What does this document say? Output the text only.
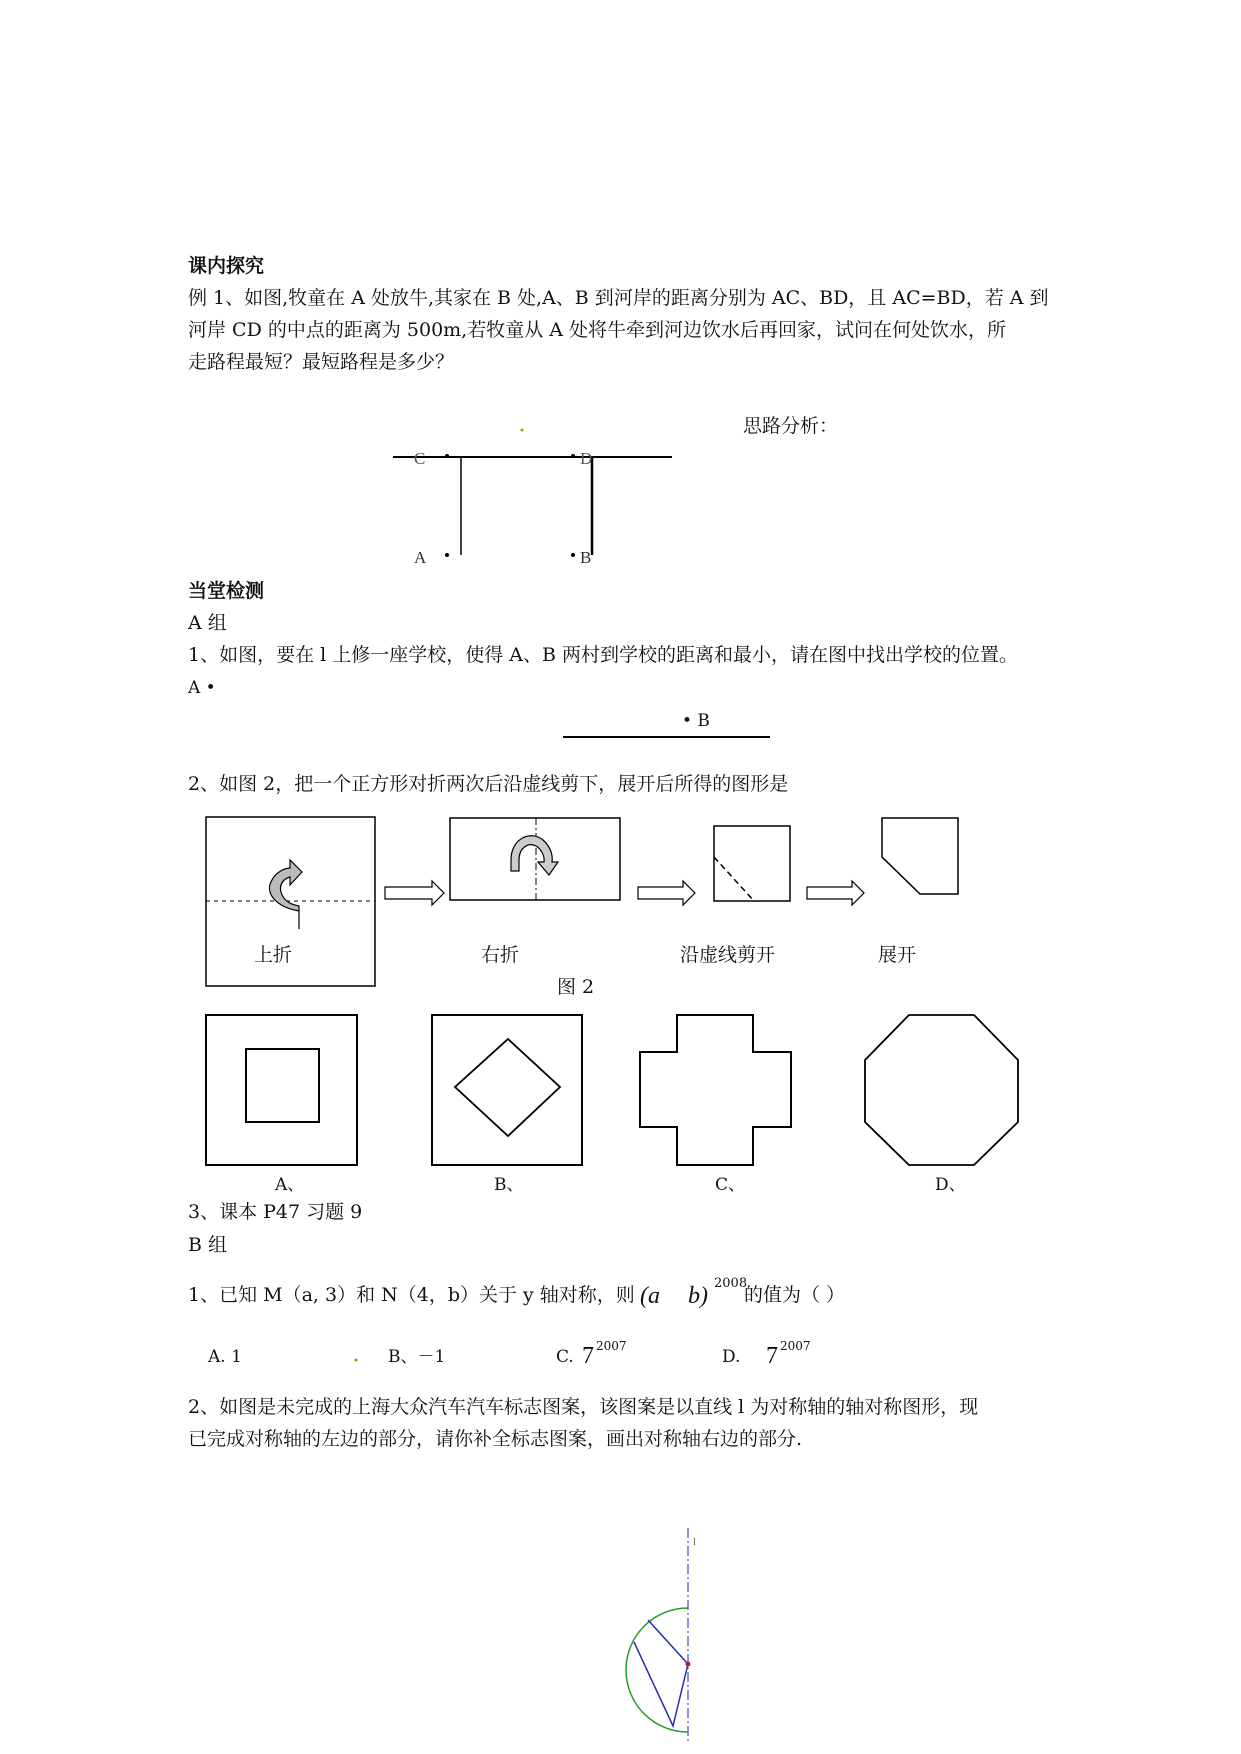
课内探究
例 1、如图,牧童在 A 处放牛,其家在 B 处,A、B 到河岸的距离分别为 AC、BD，且 AC=BD，若 A 到
河岸 CD 的中点的距离为 500m,若牧童从 A 处将牛牵到河边饮水后再回家，试问在何处饮水，所
走路程最短？最短路程是多少？
思路分析：
C	D
A	B
当堂检测
A 组
1、如图，要在 l 上修一座学校，使得 A、B 两村到学校的距离和最小，请在图中找出学校的位置。
A •
• B
2、如图 2，把一个正方形对折两次后沿虚线剪下，展开后所得的图形是
上折	右折	沿虚线剪开	展开
图 2
A、	B、	C、	D、
3、课本 P47 习题 9
B 组
1、已知 M（a, 3）和 N（4，b）关于 y 轴对称，则 (a b) 2008
的值为（ ）
A. 1	B、－1	C. 7 2007
D. 7 2007
2、如图是未完成的上海大众汽车汽车标志图案，该图案是以直线 l 为对称轴的轴对称图形，现
已完成对称轴的左边的部分，请你补全标志图案，画出对称轴右边的部分.
l
